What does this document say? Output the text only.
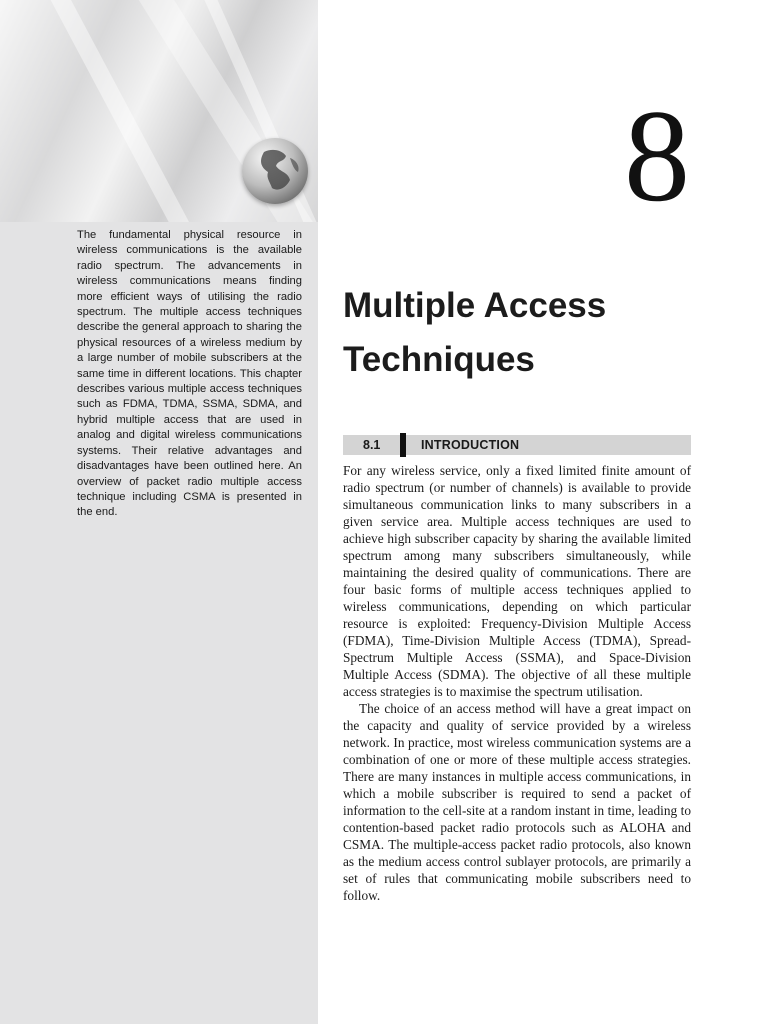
The fundamental physical resource in wireless communications is the available radio spectrum. The advancements in wireless communications means finding more efficient ways of utilising the radio spectrum. The multiple access techniques describe the general approach to sharing the physical resources of a wireless medium by a large number of mobile subscribers at the same time in different locations. This chapter describes various multiple access techniques such as FDMA, TDMA, SSMA, SDMA, and hybrid multiple access that are used in analog and digital wireless communications systems. Their relative advantages and disadvantages have been outlined here. An overview of packet radio multiple access technique including CSMA is presented in the end.

8
Multiple Access Techniques
8.1	INTRODUCTION

For any wireless service, only a fixed limited finite amount of radio spectrum (or number of channels) is available to provide simultaneous communication links to many subscribers in a given service area. Multiple access techniques are used to achieve high subscriber capacity by sharing the available limited spectrum among many subscribers simultaneously, while maintaining the desired quality of communications. There are four basic forms of multiple access techniques applied to wireless communications, depending on which particular resource is exploited: Frequency-Division Multiple Access (FDMA), Time-Division Multiple Access (TDMA), Spread-Spectrum Multiple Access (SSMA), and Space-Division Multiple Access (SDMA). The objective of all these multiple access strategies is to maximise the spectrum utilisation.

The choice of an access method will have a great impact on the capacity and quality of service provided by a wireless network. In practice, most wireless communication systems are a combination of one or more of these multiple access strategies. There are many instances in multiple access communications, in which a mobile subscriber is required to send a packet of information to the cell-site at a random instant in time, leading to contention-based packet radio protocols such as ALOHA and CSMA. The multiple-access packet radio protocols, also known as the medium access control sublayer protocols, are primarily a set of rules that communicating mobile subscribers need to follow.
